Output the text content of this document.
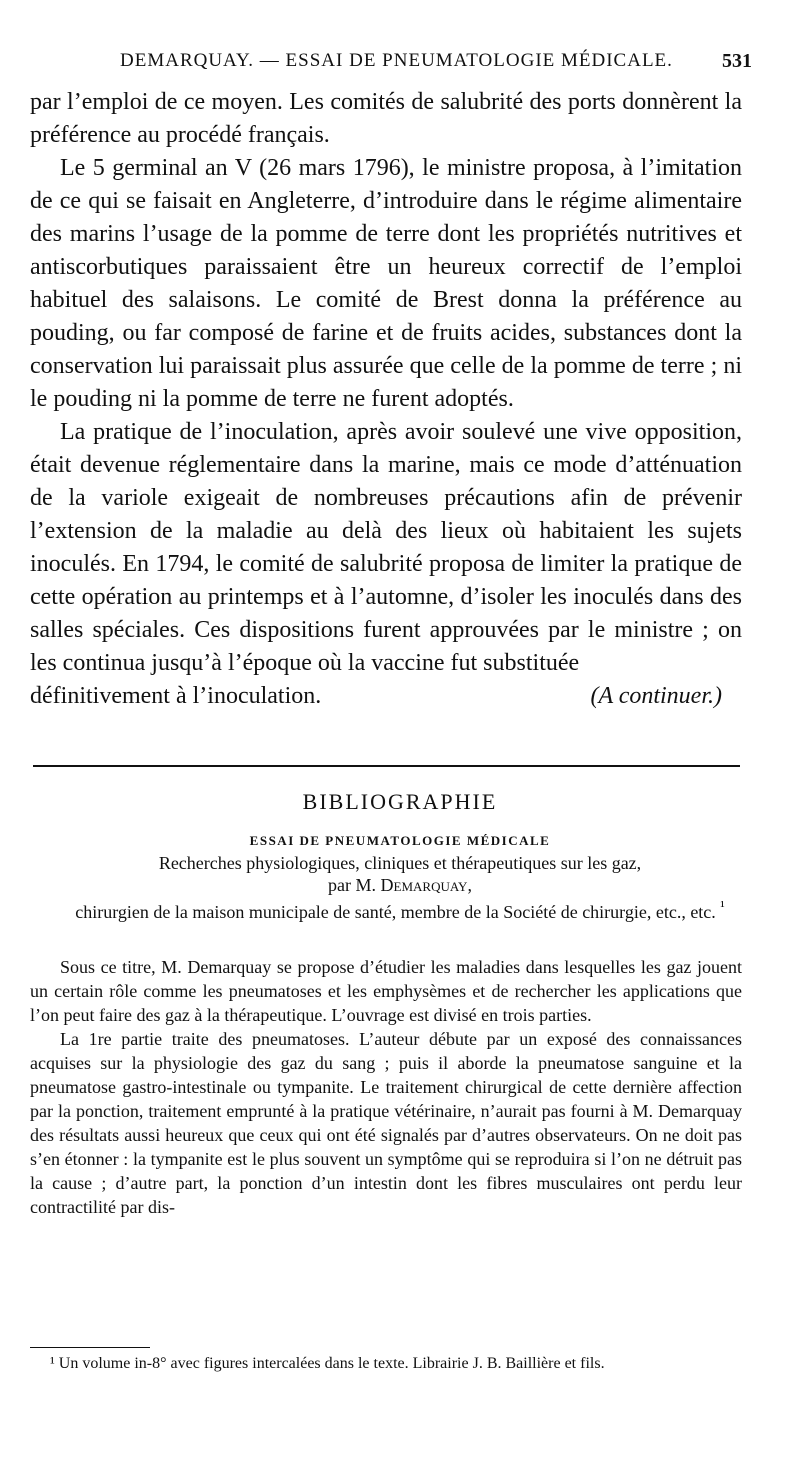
DEMARQUAY. — ESSAI DE PNEUMATOLOGIE MÉDICALE.	531

par l’emploi de ce moyen. Les comités de salubrité des ports donnèrent la préférence au procédé français.

Le 5 germinal an V (26 mars 1796), le ministre proposa, à l’imitation de ce qui se faisait en Angleterre, d’introduire dans le régime alimentaire des marins l’usage de la pomme de terre dont les propriétés nutritives et antiscorbutiques paraissaient être un heureux correctif de l’emploi habituel des salaisons. Le comité de Brest donna la préférence au pouding, ou far composé de farine et de fruits acides, substances dont la conservation lui paraissait plus assurée que celle de la pomme de terre ; ni le pouding ni la pomme de terre ne furent adoptés.

La pratique de l’inoculation, après avoir soulevé une vive opposition, était devenue réglementaire dans la marine, mais ce mode d’atténuation de la variole exigeait de nombreuses précautions afin de prévenir l’extension de la maladie au delà des lieux où habitaient les sujets inoculés. En 1794, le comité de salubrité proposa de limiter la pratique de cette opération au printemps et à l’automne, d’isoler les inoculés dans des salles spéciales. Ces dispositions furent approuvées par le ministre ; on les continua jusqu’à l’époque où la vaccine fut substituée

définitivement à l’inoculation.	(A continuer.)
BIBLIOGRAPHIE
ESSAI DE PNEUMATOLOGIE MÉDICALE
Recherches physiologiques, cliniques et thérapeutiques sur les gaz,
par M. Demarquay,
chirurgien de la maison municipale de santé, membre de la Société de chirurgie, etc., etc. $^{^1}$

Sous ce titre, M. Demarquay se propose d’étudier les maladies dans lesquelles les gaz jouent un certain rôle comme les pneumatoses et les emphysèmes et de rechercher les applications que l’on peut faire des gaz à la thérapeutique. L’ouvrage est divisé en trois parties.

La 1re partie traite des pneumatoses. L’auteur débute par un exposé des connaissances acquises sur la physiologie des gaz du sang ; puis il aborde la pneumatose sanguine et la pneumatose gastro-intestinale ou tympanite. Le traitement chirurgical de cette dernière affection par la ponction, traitement emprunté à la pratique vétérinaire, n’aurait pas fourni à M. Demarquay des résultats aussi heureux que ceux qui ont été signalés par d’autres observateurs. On ne doit pas s’en étonner : la tympanite est le plus souvent un symptôme qui se reproduira si l’on ne détruit pas la cause ; d’autre part, la ponction d’un intestin dont les fibres musculaires ont perdu leur contractilité par dis-

¹ Un volume in-8° avec figures intercalées dans le texte. Librairie J. B. Baillière et fils.
